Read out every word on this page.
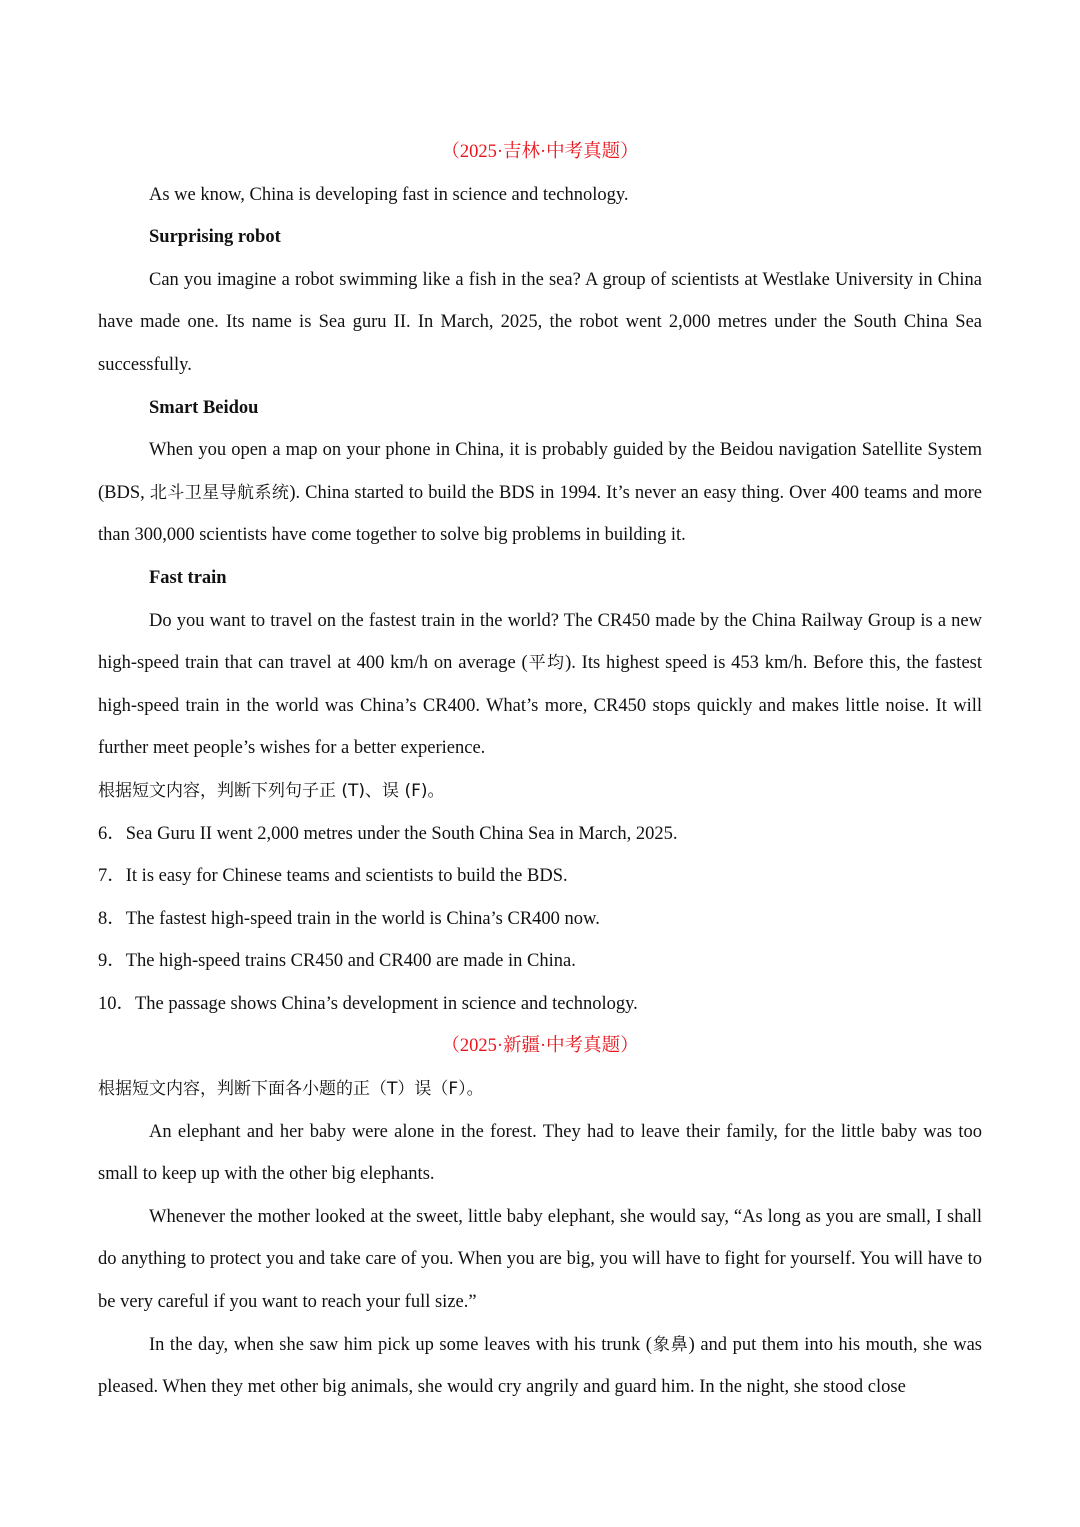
（2025·吉林·中考真题）

As we know, China is developing fast in science and technology.

Surprising robot

Can you imagine a robot swimming like a fish in the sea? A group of scientists at Westlake University in China have made one. Its name is Sea guru II. In March, 2025, the robot went 2,000 metres under the South China Sea successfully.

Smart Beidou

When you open a map on your phone in China, it is probably guided by the Beidou navigation Satellite System (BDS, 北斗卫星导航系统). China started to build the BDS in 1994. It’s never an easy thing. Over 400 teams and more than 300,000 scientists have come together to solve big problems in building it.

Fast train

Do you want to travel on the fastest train in the world? The CR450 made by the China Railway Group is a new high-speed train that can travel at 400 km/h on average (平均). Its highest speed is 453 km/h. Before this, the fastest high-speed train in the world was China’s CR400. What’s more, CR450 stops quickly and makes little noise. It will further meet people’s wishes for a better experience.

根据短文内容，判断下列句子正 (T)、误 (F)。

6．Sea Guru II went 2,000 metres under the South China Sea in March, 2025.

7．It is easy for Chinese teams and scientists to build the BDS.

8．The fastest high-speed train in the world is China’s CR400 now.

9．The high-speed trains CR450 and CR400 are made in China.

10．The passage shows China’s development in science and technology.

（2025·新疆·中考真题）

根据短文内容，判断下面各小题的正（T）误（F）。

An elephant and her baby were alone in the forest. They had to leave their family, for the little baby was too small to keep up with the other big elephants.

Whenever the mother looked at the sweet, little baby elephant, she would say, “As long as you are small, I shall do anything to protect you and take care of you. When you are big, you will have to fight for yourself. You will have to be very careful if you want to reach your full size.”

In the day, when she saw him pick up some leaves with his trunk (象鼻) and put them into his mouth, she was pleased. When they met other big animals, she would cry angrily and guard him. In the night, she stood close
